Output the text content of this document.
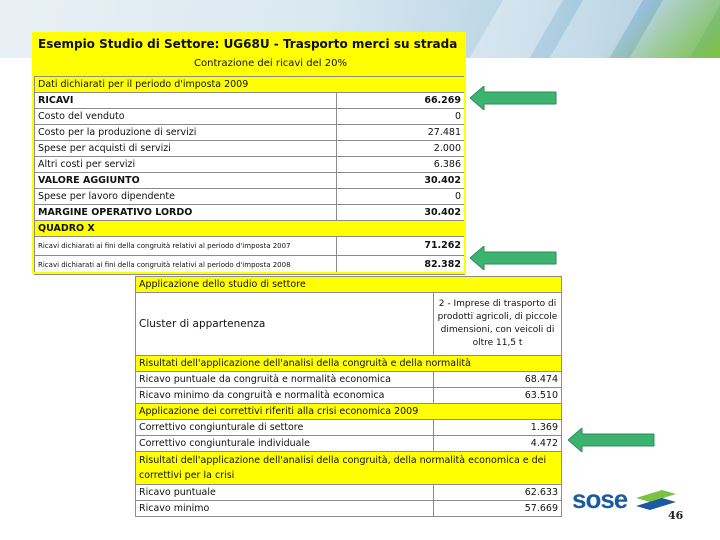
Esempio Studio di Settore: UG68U - Trasporto merci su strada
Contrazione dei ricavi del 20%
Dati dichiarati per il periodo d'imposta 2009	
RICAVI	66.269
Costo del venduto	0
Costo per la produzione di servizi	27.481
Spese per acquisti di servizi	2.000
Altri costi per servizi	6.386
VALORE AGGIUNTO	30.402
Spese per lavoro dipendente	0
MARGINE OPERATIVO LORDO	30.402
QUADRO X	
Ricavi dichiarati ai fini della congruità relativi al periodo d'imposta 2007	71.262
Ricavi dichiarati ai fini della congruità relativi al periodo d'imposta 2008	82.382
Applicazione dello studio di settore	
Cluster di appartenenza	2 - Imprese di trasporto di prodotti agricoli, di piccole dimensioni, con veicoli di oltre 11,5 t
Risultati dell'applicazione dell'analisi della congruità e della normalità	
Ricavo puntuale da congruità e normalità economica	68.474
Ricavo minimo da congruità e normalità economica	63.510
Applicazione dei correttivi riferiti alla crisi economica 2009	
Correttivo congiunturale di settore	1.369
Correttivo congiunturale individuale	4.472
Risultati dell'applicazione dell'analisi della congruità, della normalità economica e dei correttivi per la crisi	
Ricavo puntuale	62.633
Ricavo minimo	57.669 sose
46
